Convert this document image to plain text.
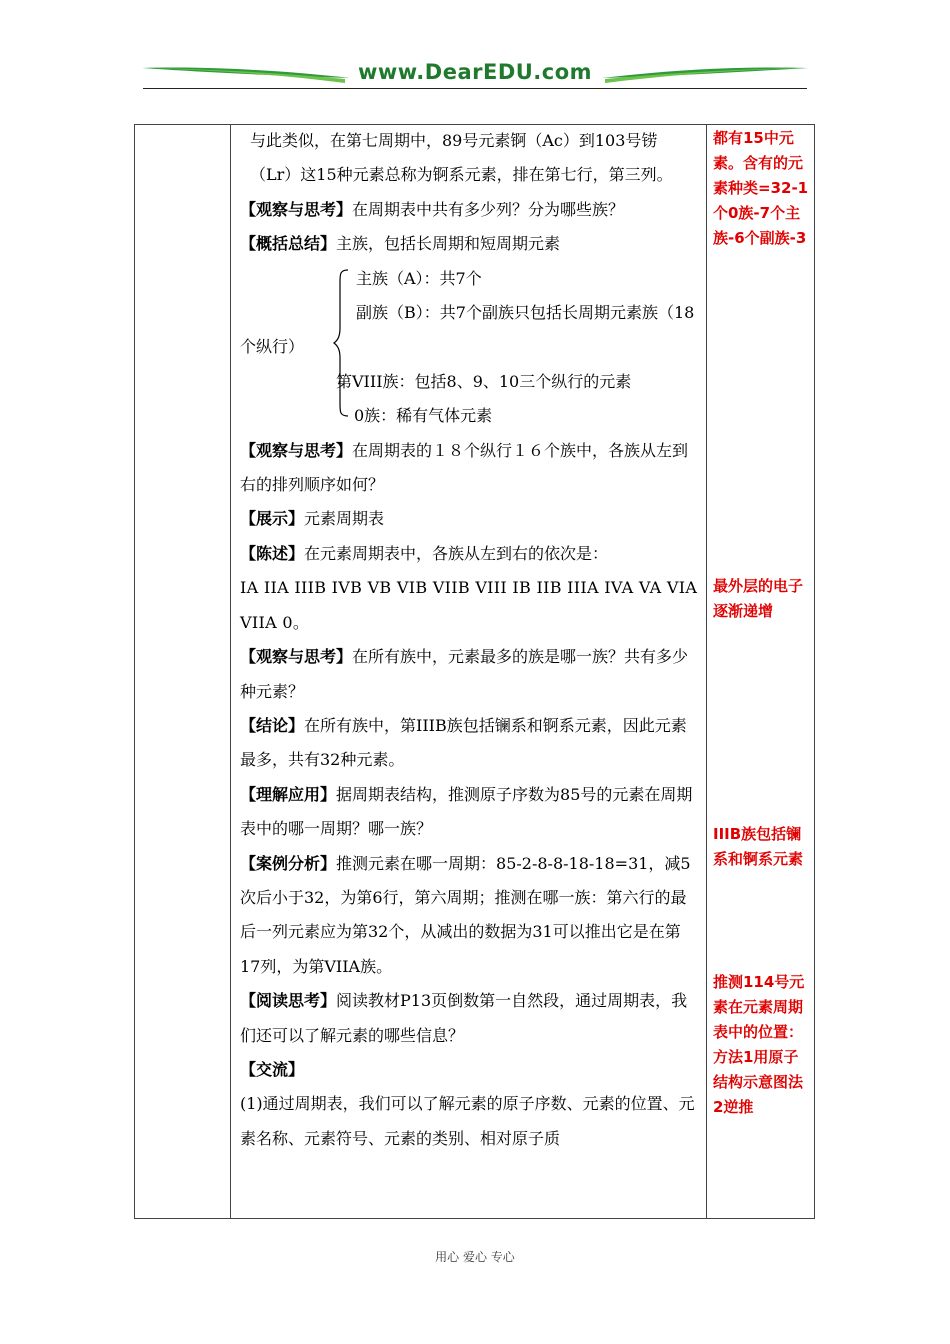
www.DearEDU.com

与此类似，在第七周期中，89号元素锕（Ac）到103号铹（Lr）这15种元素总称为锕系元素，排在第七行，第三列。

【观察与思考】在周期表中共有多少列？分为哪些族？

【概括总结】主族，包括长周期和短周期元素

主族（A）：共7个

副族（B）：共7个副族只包括长周期元素族（18个纵行）

第VIII族：包括8、9、10三个纵行的元素

0族：稀有气体元素

【观察与思考】在周期表的１８个纵行１６个族中，各族从左到右的排列顺序如何？

【展示】元素周期表

【陈述】在元素周期表中，各族从左到右的依次是：

IA IIA IIIB IVB VB VIB VIIB VIII IB IIB IIIA IVA VA VIA VIIA 0。

【观察与思考】在所有族中，元素最多的族是哪一族？共有多少种元素？

【结论】在所有族中，第IIIB族包括镧系和锕系元素，因此元素最多，共有32种元素。

【理解应用】据周期表结构，推测原子序数为85号的元素在周期表中的哪一周期？哪一族？

【案例分析】推测元素在哪一周期：85-2-8-8-18-18=31，减5次后小于32，为第6行，第六周期；推测在哪一族：第六行的最后一列元素应为第32个，从减出的数据为31可以推出它是在第17列，为第VIIA族。

【阅读思考】阅读教材P13页倒数第一自然段，通过周期表，我们还可以了解元素的哪些信息？

【交流】

(1)通过周期表，我们可以了解元素的原子序数、元素的位置、元素名称、元素符号、元素的类别、相对原子质

都有15中元素。含有的元素种类=32-1个0族-7个主族-6个副族-3
最外层的电子逐渐递增
IIIB族包括镧系和锕系元素
推测114号元素在元素周期表中的位置：方法1用原子结构示意图法2逆推
用心 爱心 专心
